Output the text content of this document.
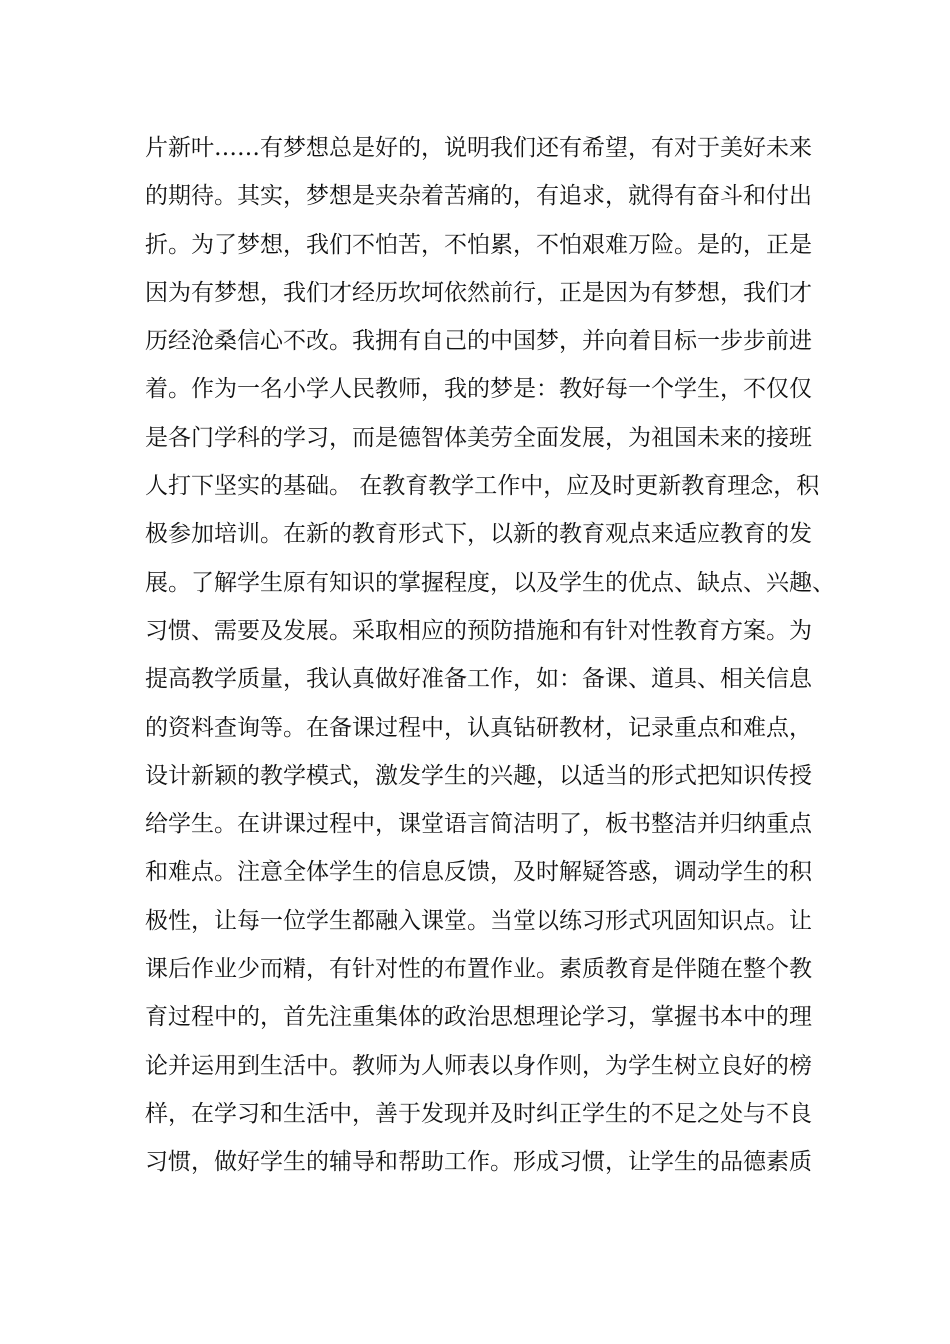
片新叶……有梦想总是好的，说明我们还有希望，有对于美好未来
的期待。其实，梦想是夹杂着苦痛的，有追求，就得有奋斗和付出
折。为了梦想，我们不怕苦，不怕累，不怕艰难万险。是的，正是
因为有梦想，我们才经历坎坷依然前行，正是因为有梦想，我们才
历经沧桑信心不改。我拥有自己的中国梦，并向着目标一步步前进
着。作为一名小学人民教师，我的梦是：教好每一个学生，不仅仅
是各门学科的学习，而是德智体美劳全面发展，为祖国未来的接班
人打下坚实的基础。 在教育教学工作中，应及时更新教育理念，积
极参加培训。在新的教育形式下，以新的教育观点来适应教育的发
展。了解学生原有知识的掌握程度，以及学生的优点、缺点、兴趣、
习惯、需要及发展。采取相应的预防措施和有针对性教育方案。为
提高教学质量，我认真做好准备工作，如：备课、道具、相关信息
的资料查询等。在备课过程中，认真钻研教材，记录重点和难点，
设计新颖的教学模式，激发学生的兴趣，以适当的形式把知识传授
给学生。在讲课过程中，课堂语言简洁明了，板书整洁并归纳重点
和难点。注意全体学生的信息反馈，及时解疑答惑，调动学生的积
极性，让每一位学生都融入课堂。当堂以练习形式巩固知识点。让
课后作业少而精，有针对性的布置作业。素质教育是伴随在整个教
育过程中的，首先注重集体的政治思想理论学习，掌握书本中的理
论并运用到生活中。教师为人师表以身作则，为学生树立良好的榜
样，在学习和生活中，善于发现并及时纠正学生的不足之处与不良
习惯，做好学生的辅导和帮助工作。形成习惯，让学生的品德素质
